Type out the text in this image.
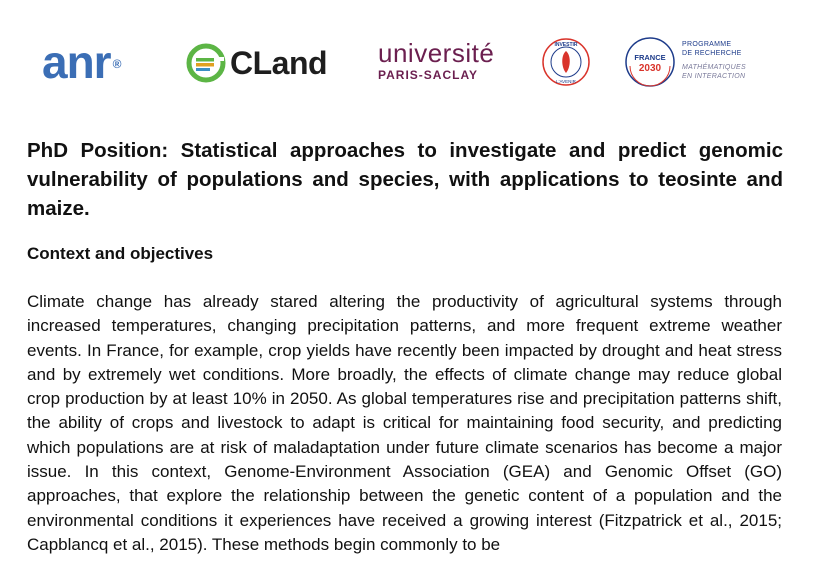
anr ®	CLand université
PARIS-SACLAY
INVESTIR
L'AVENIR
FRANCE
2030
PROGRAMME
DE RECHERCHE
MATHÉMATIQUES
EN INTERACTION
PhD Position: Statistical approaches to investigate and predict genomic vulnerability of populations and species, with applications to teosinte and maize.
Context and objectives

Climate change has already stared altering the productivity of agricultural systems through increased temperatures, changing precipitation patterns, and more frequent extreme weather events. In France, for example, crop yields have recently been impacted by drought and heat stress and by extremely wet conditions. More broadly, the effects of climate change may reduce global crop production by at least 10% in 2050. As global temperatures rise and precipitation patterns shift, the ability of crops and livestock to adapt is critical for maintaining food security, and predicting which populations are at risk of maladaptation under future climate scenarios has become a major issue. In this context, Genome-Environment Association (GEA) and Genomic Offset (GO) approaches, that explore the relationship between the genetic content of a population and the environmental conditions it experiences have received a growing interest (Fitzpatrick et al., 2015; Capblancq et al., 2015). These methods begin commonly to be
